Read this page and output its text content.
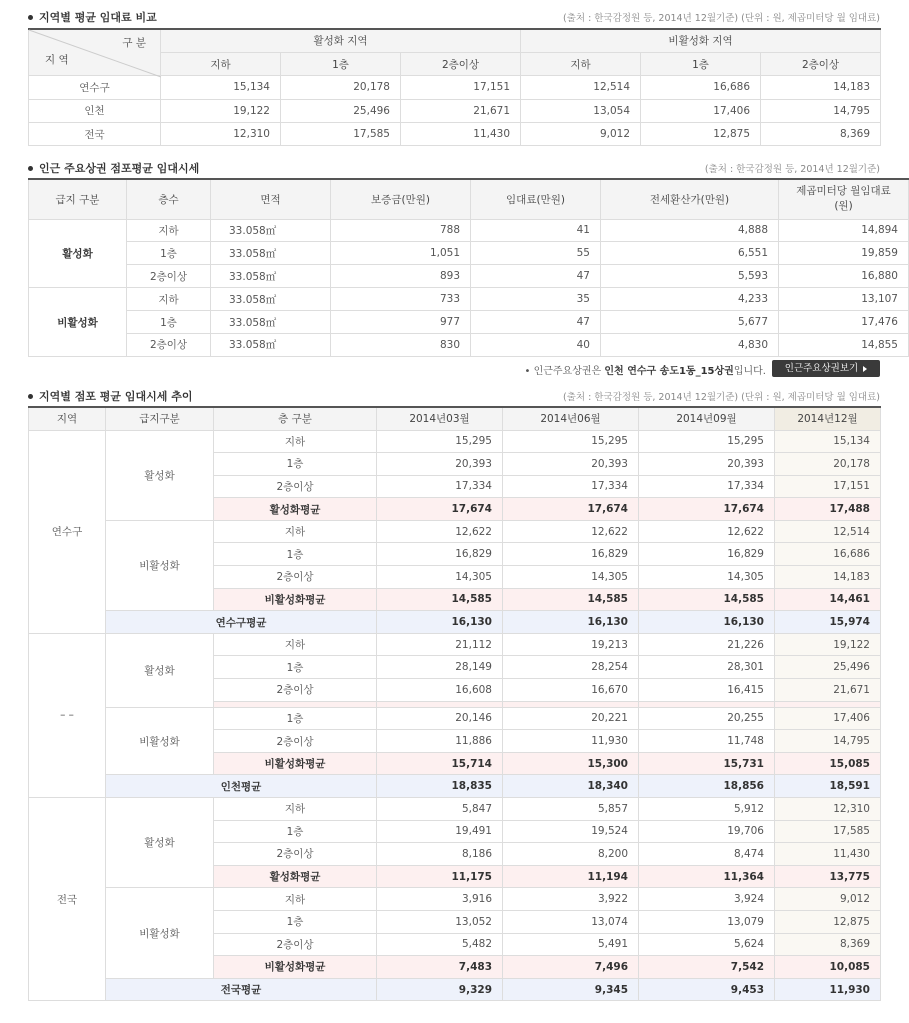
지역별 평균 임대료 비교	(출처 : 한국감정원 등, 2014년 12월기준) (단위 : 원, 제곱미터당 월 임대료)
구 분
지 역	활성화 지역			비활성화 지역		
	지하	1층	2층이상	지하	1층	2층이상
연수구	15,134	20,178	17,151	12,514	16,686	14,183
인천	19,122	25,496	21,671	13,054	17,406	14,795
전국	12,310	17,585	11,430	9,012	12,875	8,369
인근 주요상권 점포평균 임대시세	(출처 : 한국감정원 등, 2014년 12월기준)
급지 구분	층수	면적	보증금(만원)	임대료(만원)	전세환산가(만원)	제곱미터당 월임대료(원)
활성화	지하	33.058㎡	788	41	4,888	14,894
	1층	33.058㎡	1,051	55	6,551	19,859
	2층이상	33.058㎡	893	47	5,593	16,880
비활성화	지하	33.058㎡	733	35	4,233	13,107
	1층	33.058㎡	977	47	5,677	17,476
	2층이상	33.058㎡	830	40	4,830	14,855
• 인근주요상권은 인천 연수구 송도1동_15상권입니다.	인근주요상권보기
지역별 점포 평균 임대시세 추이	(출처 : 한국감정원 등, 2014년 12월기준) (단위 : 원, 제곱미터당 월 임대료)
지역	급지구분	층 구분	2014년03월	2014년06월	2014년09월	2014년12월
연수구	활성화	지하	15,295	15,295	15,295	15,134
		1층	20,393	20,393	20,393	20,178
		2층이상	17,334	17,334	17,334	17,151
		활성화평균	17,674	17,674	17,674	17,488
	비활성화	지하	12,622	12,622	12,622	12,514
		1층	16,829	16,829	16,829	16,686
		2층이상	14,305	14,305	14,305	14,183
		비활성화평균	14,585	14,585	14,585	14,461
	연수구평균		16,130	16,130	16,130	15,974
– –	활성화	지하	21,112	19,213	21,226	19,122
		1층	28,149	28,254	28,301	25,496
		2층이상	16,608	16,670	16,415	21,671

	비활성화	1층	20,146	20,221	20,255	17,406
		2층이상	11,886	11,930	11,748	14,795
		비활성화평균	15,714	15,300	15,731	15,085
	인천평균		18,835	18,340	18,856	18,591
전국	활성화	지하	5,847	5,857	5,912	12,310
		1층	19,491	19,524	19,706	17,585
		2층이상	8,186	8,200	8,474	11,430
		활성화평균	11,175	11,194	11,364	13,775
	비활성화	지하	3,916	3,922	3,924	9,012
		1층	13,052	13,074	13,079	12,875
		2층이상	5,482	5,491	5,624	8,369
		비활성화평균	7,483	7,496	7,542	10,085
	전국평균		9,329	9,345	9,453	11,930
